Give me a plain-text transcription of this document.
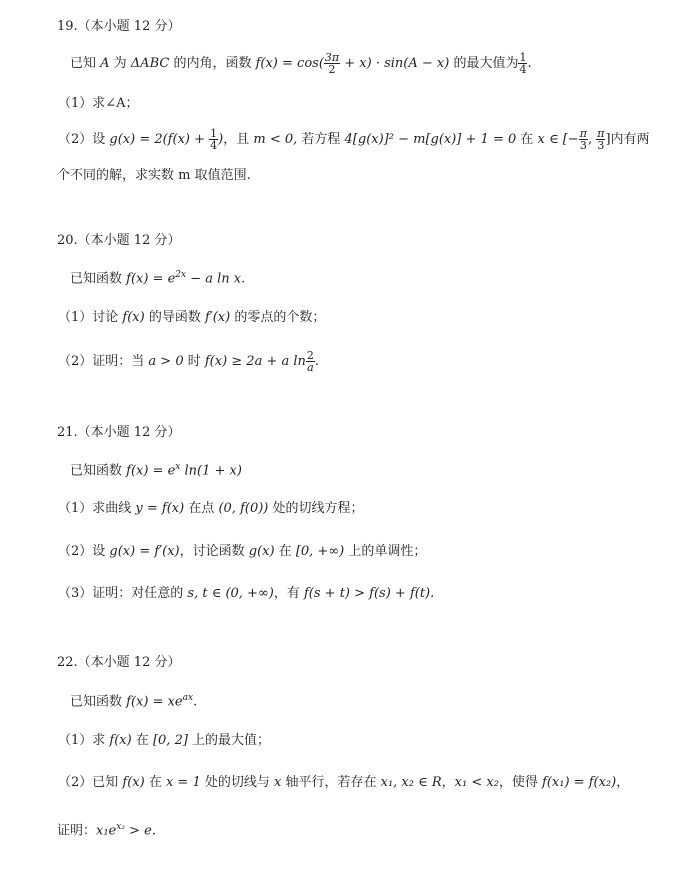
19.（本小题 12 分）
已知 A 为 ΔABC 的内角，函数 $f(x) = \cos( \frac{3\pi}{2} + x) \cdot \sin(A - x)$ 的最大值为 $\frac{1}{4}$ .
（1）求∠A；
（2）设 $g(x) = 2(f(x) + \frac{1}{4}$ )，且 m < 0, 若方程 4[g(x)]² − m[g(x)] + 1 = 0 在 x ∈ [− $\frac{\pi}{3}$ , $\frac{\pi}{3}$ ]内有两
个不同的解，求实数 m 取值范围.
20.（本小题 12 分）
已知函数 $f(x) = e^{2x} - a$ ln x.
（1）讨论 f(x) 的导函数 f′(x) 的零点的个数；
（2）证明：当 a > 0 时 f(x) ≥ 2a + a $\ln \frac{2}{a}$ .
21.（本小题 12 分）
已知函数 $f(x) = e^x$ ln(1 + x)
（1）求曲线 y = f(x) 在点 (0, f(0)) 处的切线方程；
（2）设 g(x) = f′(x)，讨论函数 g(x) 在 [0, +∞) 上的单调性；
（3）证明：对任意的 s, t ∈ (0, +∞)，有 f(s + t) > f(s) + f(t).
22.（本小题 12 分）
已知函数 $f(x) = xe^{ax}$.
（1）求 f(x) 在 [0, 2] 上的最大值；
（2）已知 f(x) 在 x = 1 处的切线与 x 轴平行，若存在 x₁, x₂ ∈ R，x₁ < x₂，使得 f(x₁) = f(x₂)，
证明：$x_1e^{x_2} > e$.
